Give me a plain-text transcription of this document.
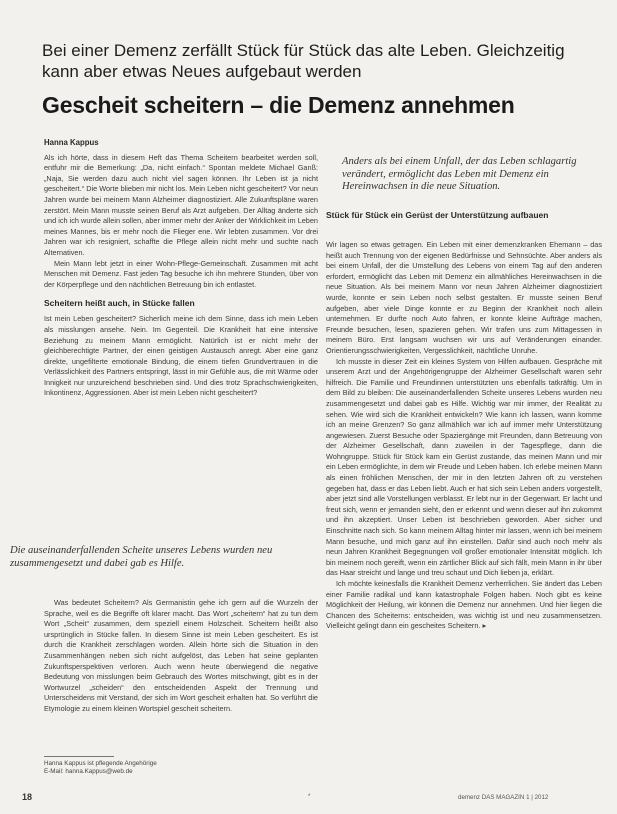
Bei einer Demenz zerfällt Stück für Stück das alte Leben. Gleichzeitig kann aber etwas Neues aufgebaut werden
Gescheit scheitern – die Demenz annehmen
Hanna Kappus

Als ich hörte, dass in diesem Heft das Thema Scheitern bearbeitet werden soll, entfuhr mir die Bemerkung: „Da, nicht einfach.“ Spontan meldete Michael Ganß: „Naja, Sie werden dazu auch nicht viel sagen können. Ihr Leben ist ja nicht gescheitert.“ Die Worte blieben mir nicht los. Mein Leben nicht gescheitert? Vor neun Jahren wurde bei meinem Mann Alzheimer diagnostiziert. Alle Zukunftspläne waren zerstört. Mein Mann musste seinen Beruf als Arzt aufgeben. Der Alltag änderte sich und ich ich wurde allein sollen, aber immer mehr der Anker der Wirklichkeit im Leben meines Mannes, bis er mehr noch die Flieger ene. Wir lebten zusammen. Vor drei Jahren war ich resigniert, schaffte die Pflege allein nicht mehr und suchte nach Alternativen.

Mein Mann lebt jetzt in einer Wohn-Pflege-Gemeinschaft. Zusammen mit acht Menschen mit Demenz. Fast jeden Tag besuche ich ihn mehrere Stunden, über von der Körperpflege und den nächtlichen Betreuung bin ich entlastet.

Scheitern heißt auch, in Stücke fallen

Ist mein Leben gescheitert? Sicherlich meine ich dem Sinne, dass ich mein Leben als misslungen ansehe. Nein. Im Gegenteil. Die Krankheit hat eine intensive Beziehung zu meinem Mann ermöglicht. Natürlich ist er nicht mehr der gleichberechtigte Partner, der einen geistigen Austausch anregt. Aber eine ganz direkte, ungefilterte emotionale Bindung, die einem tiefen Grundvertrauen in die Verlässlichkeit des Partners entspringt, lässt in mir Gefühle aus, die mit Wärme oder Innigkeit nur unzureichend beschrieben sind. Und dies trotz Sprachschwierigkeiten, Inkontinenz, Aggressionen. Aber ist mein Leben nicht gescheitert?

Die auseinanderfallenden Scheite unseres Lebens wurden neu zusammengesetzt und dabei gab es Hilfe.

Was bedeutet Scheitern? Als Germanistin gehe ich gern auf die Wurzeln der Sprache, weil es die Begriffe oft klarer macht. Das Wort „scheitern“ hat zu tun dem Wort „Scheit“ zusammen, dem speziell einem Holzscheit. Scheitern heißt also ursprünglich in Stücke fallen. In diesem Sinne ist mein Leben gescheitert. Es ist durch die Krankheit zerschlagen worden. Allein hörte sich die Situation in den Zusammenhängen neben sich nicht aufgelöst, das Leben hat seine geplanten Zukunftsperspektiven verloren. Auch wenn heute überwiegend die negative Bedeutung von misslungen beim Gebrauch des Wortes mitschwingt, gibt es in der Wortwurzel „scheiden“ den entscheidenden Aspekt der Trennung und Unterscheidens mit Verstand, der sich im Wort gescheit erhalten hat. So verführt die Etymologie zu einem kleinen Wortspiel gescheit scheitern.

Anders als bei einem Unfall, der das Leben schlagartig verändert, ermöglicht das Leben mit Demenz ein Hereinwachsen in die neue Situation.
Stück für Stück ein Gerüst der Unterstützung aufbauen

Wir lagen so etwas getragen. Ein Leben mit einer demenzkranken Ehemann – das heißt auch Trennung von der eigenen Bedürfnisse und Sehnsüchte. Aber anders als bei einem Unfall, der die Umstellung des Lebens von einem Tag auf den anderen erfordert, ermöglicht das Leben mit Demenz ein allmähliches Hereinwachsen in die neue Situation. Als bei meinem Mann vor neun Jahren Alzheimer diagnostiziert wurde, konnte er sein Leben noch selbst gestalten. Er musste seinen Beruf aufgeben, aber viele Dinge konnte er zu Beginn der Krankheit noch allein unternehmen. Er durfte noch Auto fahren, er konnte kleine Aufträge machen, Freunde besuchen, lesen, spazieren gehen. Wir trafen uns zum Mittagessen in meinem Büro. Erst langsam wuchsen wir uns auf Veränderungen einander. Orientierungsschwierigkeiten, Vergesslichkeit, nächtliche Unruhe.

Ich musste in dieser Zeit ein kleines System von Hilfen aufbauen. Gespräche mit unserem Arzt und der Angehörigengruppe der Alzheimer Gesellschaft waren sehr hilfreich. Die Familie und Freundinnen unterstützten uns ebenfalls tatkräftig. Um in dem Bild zu bleiben: Die auseinanderfallenden Scheite unseres Lebens wurden neu zusammengesetzt und dabei gab es Hilfe. Wichtig war mir immer, der Realität zu sehen. Wie wird sich die Krankheit entwickeln? Wie kann ich lassen, wann komme ich an meine Grenzen? So ganz allmählich war ich auf immer mehr Unterstützung angewiesen. Zuerst Besuche oder Spaziergänge mit Freunden, dann Betreuung von der Alzheimer Gesellschaft, dann zuweilen in der Tagespflege, dann die Wohngruppe. Stück für Stück kam ein Gerüst zustande, das meinen Mann und mir ein Leben ermöglichte, in dem wir Freude und Leben haben. Ich erlebe meinen Mann als einen fröhlichen Menschen, der mir in den letzten Jahren oft zu verstehen gegeben hat, dass er das Leben liebt. Auch er hat sich sein Leben anders vorgestellt, aber jetzt sind alle Vorstellungen verblasst. Er lebt nur in der Gegenwart. Er lacht und freut sich, wenn er jemanden sieht, den er erkennt und wenn dieser auf ihn zukommt und ihn akzeptiert. Unser Leben ist beschrieben geworden. Aber sicher und Einschnitte nach sich. So kann meinem Alltag hinter mir lassen, wenn ich bei meinem Mann besuche, und mich ganz auf ihn einstellen. Dafür sind auch noch mehr als neun Jahren Krankheit Begegnungen voll großer emotionaler Intensität möglich. Ich bin meinem noch gereift, wenn ein zärtlicher Blick auf sich fällt, mein Mann in ihr über das Haar streicht und lange und treu schaut und Dich lieben ja, erklärt.

Ich möchte keinesfalls die Krankheit Demenz verherrlichen. Sie ändert das Leben einer Familie radikal und kann katastrophale Folgen haben. Noch gibt es keine Möglichkeit der Heilung, wir können die Demenz nur annehmen. Und hier liegen die Chancen des Scheiterns: entscheiden, was wichtig ist und neu zusammensetzen. Vielleicht gelingt dann ein gescheites Scheitern. ▸

Hanna Kappus ist pflegende Angehörige
E-Mail: hanna.Kappus@web.de
18	*	demenz DAS MAGAZIN 1 | 2012
